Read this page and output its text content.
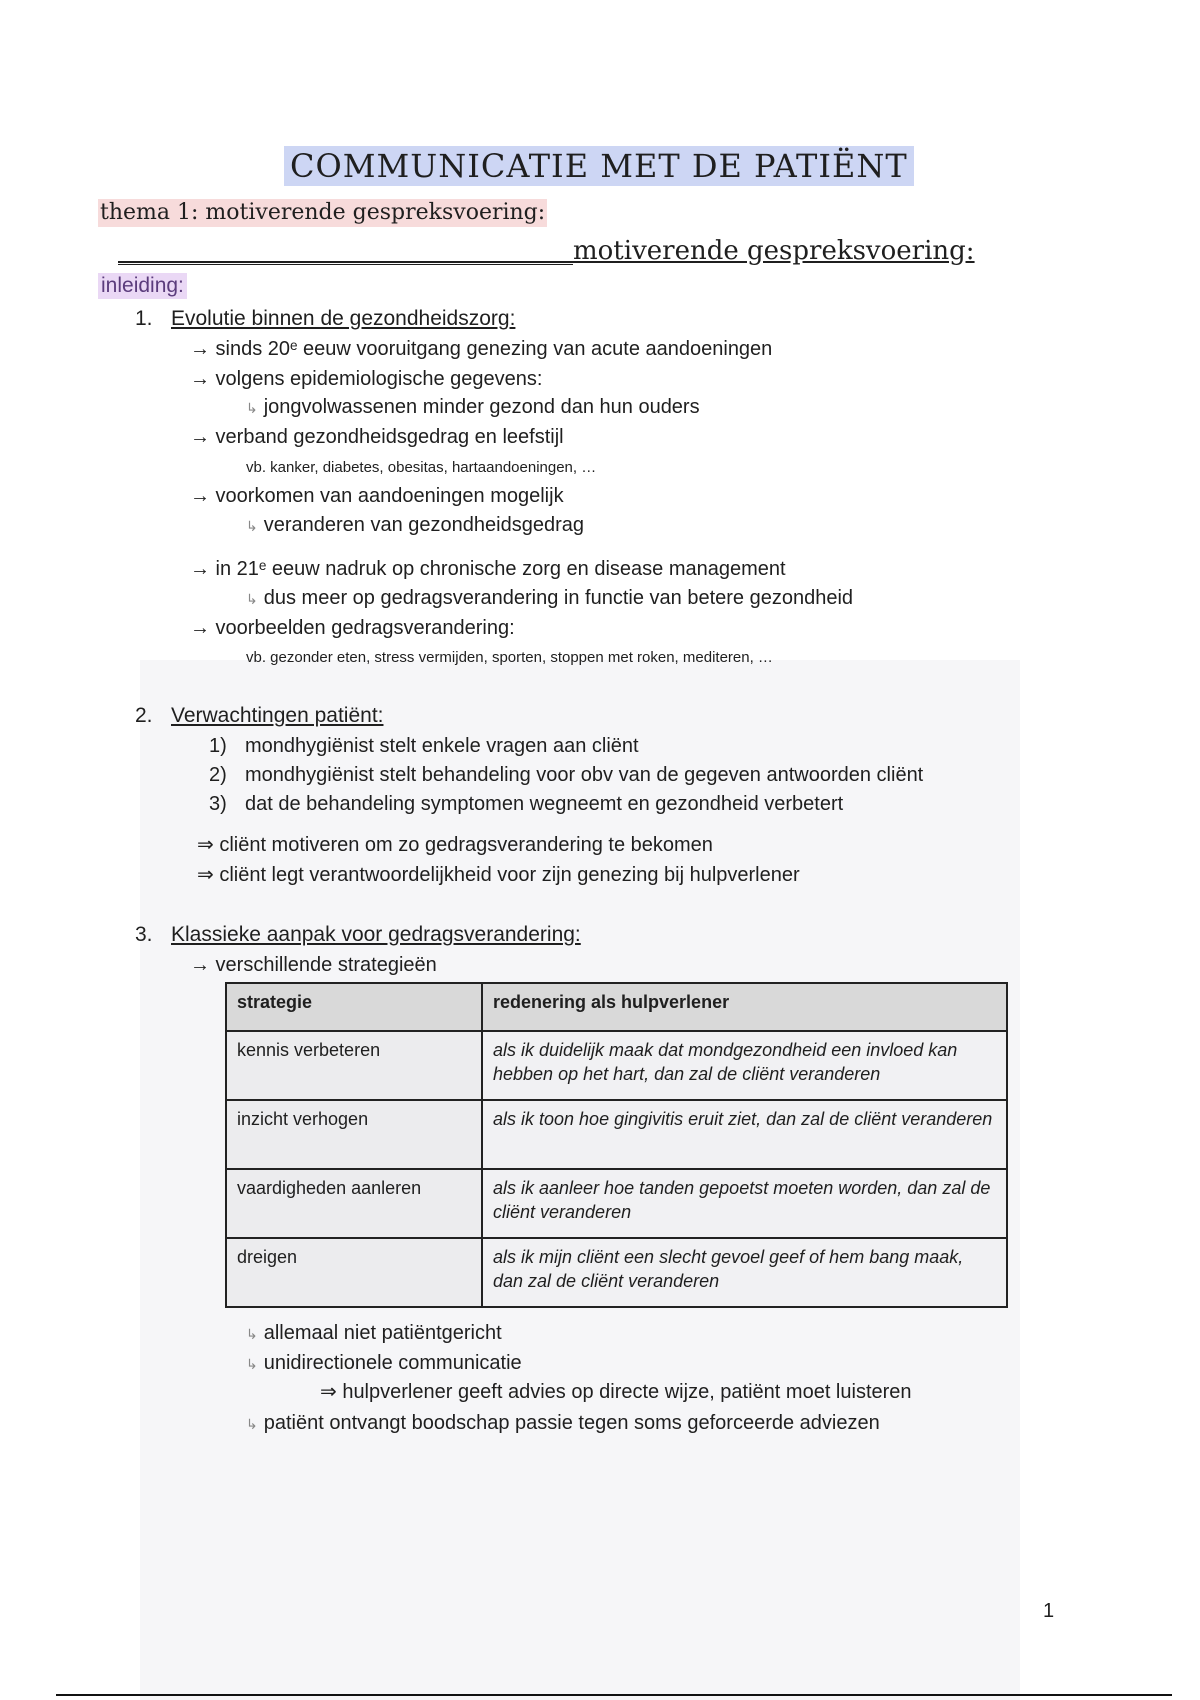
COMMUNICATIE MET DE PATIËNT
thema 1: motiverende gespreksvoering:
___________________________________motiverende gespreksvoering:
inleiding:
1. Evolutie binnen de gezondheidszorg:
→ sinds 20ᵉ eeuw vooruitgang genezing van acute aandoeningen
→ volgens epidemiologische gegevens:
↳ jongvolwassenen minder gezond dan hun ouders
→ verband gezondheidsgedrag en leefstijl
vb. kanker, diabetes, obesitas, hartaandoeningen, …
→ voorkomen van aandoeningen mogelijk
↳ veranderen van gezondheidsgedrag
→ in 21ᵉ eeuw nadruk op chronische zorg en disease management
↳ dus meer op gedragsverandering in functie van betere gezondheid
→ voorbeelden gedragsverandering:
vb. gezonder eten, stress vermijden, sporten, stoppen met roken, mediteren, …
2. Verwachtingen patiënt:
1) mondhygiënist stelt enkele vragen aan cliënt
2) mondhygiënist stelt behandeling voor obv van de gegeven antwoorden cliënt
3) dat de behandeling symptomen wegneemt en gezondheid verbetert
⇒ cliënt motiveren om zo gedragsverandering te bekomen
⇒ cliënt legt verantwoordelijkheid voor zijn genezing bij hulpverlener
3. Klassieke aanpak voor gedragsverandering:
→ verschillende strategieën
strategie	redenering als hulpverlener
kennis verbeteren	als ik duidelijk maak dat mondgezondheid een invloed kan hebben op het hart, dan zal de cliënt veranderen
inzicht verhogen	als ik toon hoe gingivitis eruit ziet, dan zal de cliënt veranderen
vaardigheden aanleren	als ik aanleer hoe tanden gepoetst moeten worden, dan zal de cliënt veranderen
dreigen	als ik mijn cliënt een slecht gevoel geef of hem bang maak, dan zal de cliënt veranderen
↳ allemaal niet patiëntgericht
↳ unidirectionele communicatie
⇒ hulpverlener geeft advies op directe wijze, patiënt moet luisteren
↳ patiënt ontvangt boodschap passie tegen soms geforceerde adviezen
1
